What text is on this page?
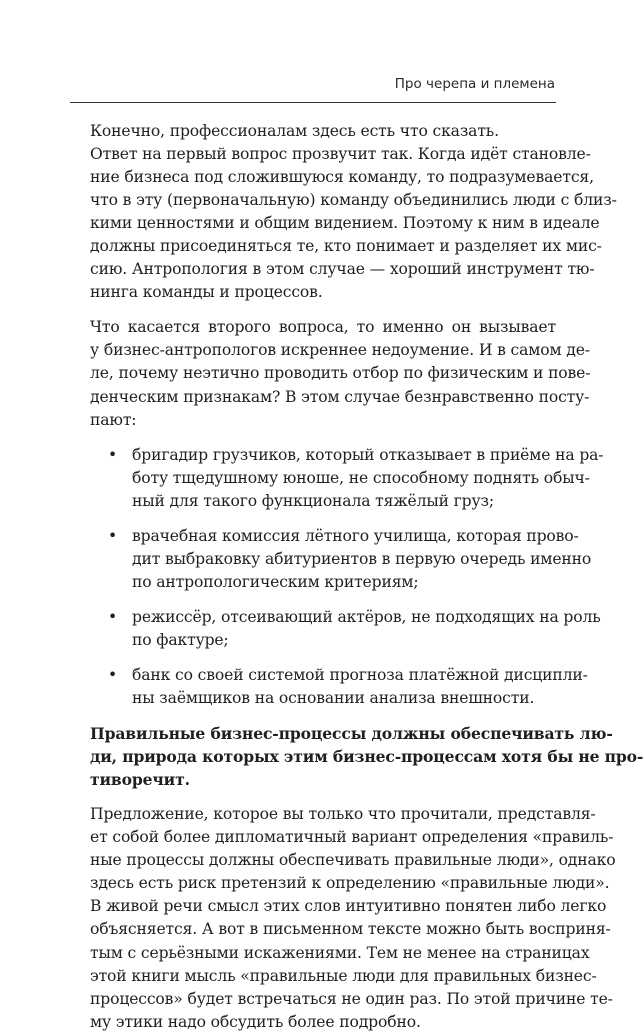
Про черепа и племена
Конечно, профессионалам здесь есть что сказать.
Ответ на первый вопрос прозвучит так. Когда идёт становле-
ние бизнеса под сложившуюся команду, то подразумевается,
что в эту (первоначальную) команду объединились люди с близ-
кими ценностями и общим видением. Поэтому к ним в идеале
должны присоединяться те, кто понимает и разделяет их мис-
сию. Антропология в этом случае — хороший инструмент тю-
нинга команды и процессов.
Что касается второго вопроса, то именно он вызывает
у бизнес-антропологов искреннее недоумение. И в самом де-
ле, почему неэтично проводить отбор по физическим и пове-
денческим признакам? В этом случае безнравственно посту-
пают:
• бригадир грузчиков, который отказывает в приёме на ра-
боту тщедушному юноше, не способному поднять обыч-
ный для такого функционала тяжёлый груз;
• врачебная комиссия лётного училища, которая прово-
дит выбраковку абитуриентов в первую очередь именно
по антропологическим критериям;
• режиссёр, отсеивающий актёров, не подходящих на роль
по фактуре;
• банк со своей системой прогноза платёжной дисципли-
ны заёмщиков на основании анализа внешности.
Правильные бизнес-процессы должны обеспечивать лю-
ди, природа которых этим бизнес-процессам хотя бы не про-
тиворечит.
Предложение, которое вы только что прочитали, представля-
ет собой более дипломатичный вариант определения «правиль-
ные процессы должны обеспечивать правильные люди», однако
здесь есть риск претензий к определению «правильные люди».
В живой речи смысл этих слов интуитивно понятен либо легко
объясняется. А вот в письменном тексте можно быть восприня-
тым с серьёзными искажениями. Тем не менее на страницах
этой книги мысль «правильные люди для правильных бизнес-
процессов» будет встречаться не один раз. По этой причине те-
му этики надо обсудить более подробно.
